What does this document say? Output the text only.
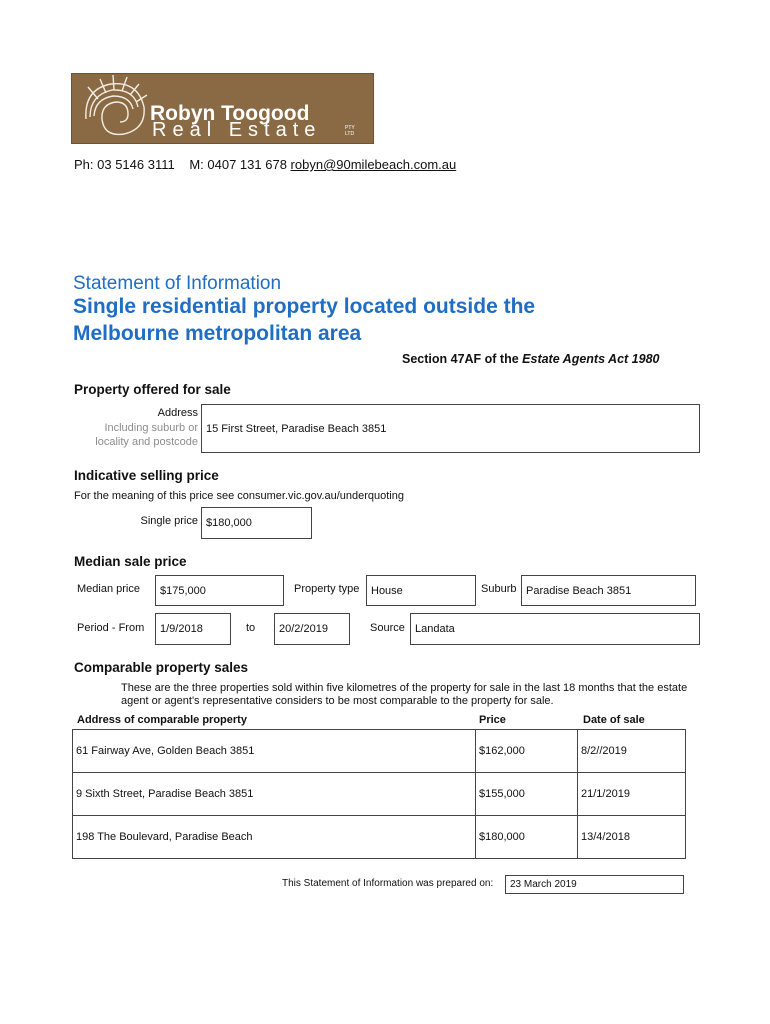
Robyn Toogood
Real Estate	PTY
LTD
Ph: 03 5146 3111 M: 0407 131 678 robyn@90milebeach.com.au
Statement of Information
Single residential property located outside the Melbourne metropolitan area
Section 47AF of the Estate Agents Act 1980
Property offered for sale
Address
Including suburb or
locality and postcode
15 First Street, Paradise Beach 3851
Indicative selling price
For the meaning of this price see consumer.vic.gov.au/underquoting
Single price $180,000
Median sale price
Median price	$175,000	Property type	House	Suburb Paradise Beach 3851
Period - From	1/9/2018	to	20/2/2019	Source Landata
Comparable property sales
These are the three properties sold within five kilometres of the property for sale in the last 18 months that the estate agent or agent's representative considers to be most comparable to the property for sale.
Address of comparable property	Price	Date of sale
61 Fairway Ave, Golden Beach 3851	$162,000	8/2//2019
9 Sixth Street, Paradise Beach 3851	$155,000	21/1/2019
198 The Boulevard, Paradise Beach	$180,000	13/4/2018
This Statement of Information was prepared on:	23 March 2019
